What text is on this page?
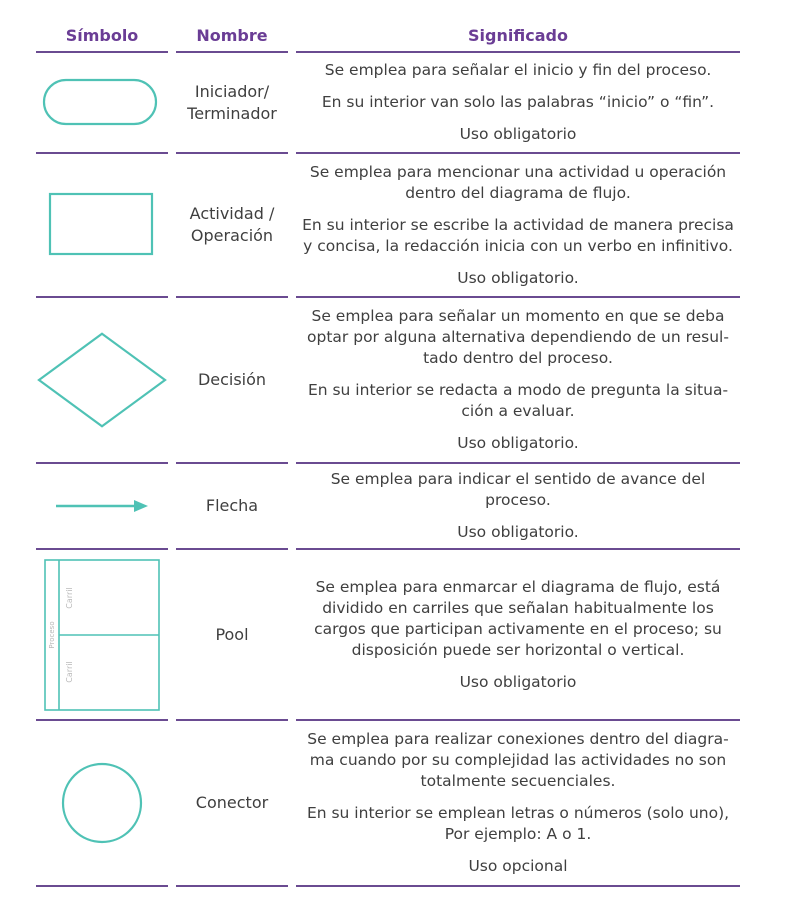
Símbolo	Nombre	Significado
Iniciador/
Terminador

Se emplea para señalar el inicio y fin del proceso.

En su interior van solo las palabras “inicio” o “fin”.

Uso obligatorio

Actividad /
Operación

Se emplea para mencionar una actividad u operación
dentro del diagrama de flujo.

En su interior se escribe la actividad de manera precisa
y concisa, la redacción inicia con un verbo en infinitivo.

Uso obligatorio.

Decisión

Se emplea para señalar un momento en que se deba
optar por alguna alternativa dependiendo de un resul-
tado dentro del proceso.

En su interior se redacta a modo de pregunta la situa-
ción a evaluar.

Uso obligatorio.

Flecha

Se emplea para indicar el sentido de avance del
proceso.

Uso obligatorio.

Proceso
Carril
Carril
Pool

Se emplea para enmarcar el diagrama de flujo, está
dividido en carriles que señalan habitualmente los
cargos que participan activamente en el proceso; su
disposición puede ser horizontal o vertical.

Uso obligatorio

Conector

Se emplea para realizar conexiones dentro del diagra-
ma cuando por su complejidad las actividades no son
totalmente secuenciales.

En su interior se emplean letras o números (solo uno),
Por ejemplo: A o 1.

Uso opcional
